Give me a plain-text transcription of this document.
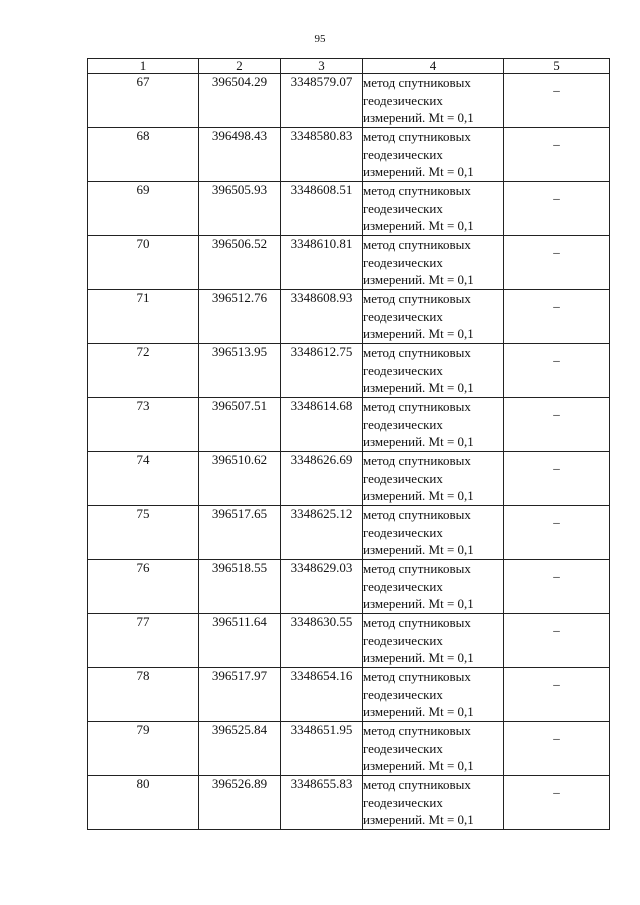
95
1	2	3	4	5
67	396504.29	3348579.07	метод спутниковых геодезических измерений. Mt = 0,1	_
68	396498.43	3348580.83	метод спутниковых геодезических измерений. Mt = 0,1	_
69	396505.93	3348608.51	метод спутниковых геодезических измерений. Mt = 0,1	_
70	396506.52	3348610.81	метод спутниковых геодезических измерений. Mt = 0,1	_
71	396512.76	3348608.93	метод спутниковых геодезических измерений. Mt = 0,1	_
72	396513.95	3348612.75	метод спутниковых геодезических измерений. Mt = 0,1	_
73	396507.51	3348614.68	метод спутниковых геодезических измерений. Mt = 0,1	_
74	396510.62	3348626.69	метод спутниковых геодезических измерений. Mt = 0,1	_
75	396517.65	3348625.12	метод спутниковых геодезических измерений. Mt = 0,1	_
76	396518.55	3348629.03	метод спутниковых геодезических измерений. Mt = 0,1	_
77	396511.64	3348630.55	метод спутниковых геодезических измерений. Mt = 0,1	_
78	396517.97	3348654.16	метод спутниковых геодезических измерений. Mt = 0,1	_
79	396525.84	3348651.95	метод спутниковых геодезических измерений. Mt = 0,1	_
80	396526.89	3348655.83	метод спутниковых геодезических измерений. Mt = 0,1	_
